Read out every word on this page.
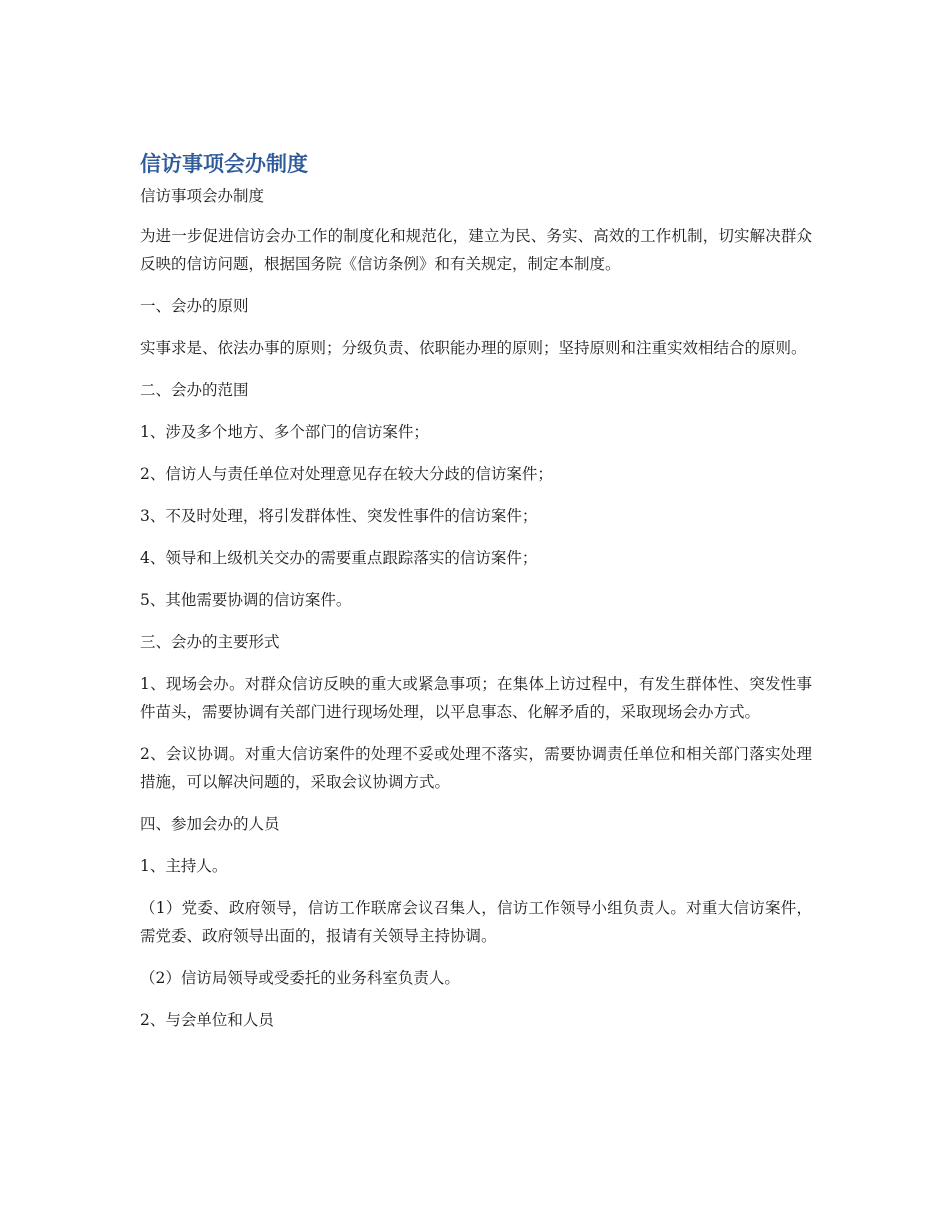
信访事项会办制度
信访事项会办制度

为进一步促进信访会办工作的制度化和规范化，建立为民、务实、高效的工作机制，切实解决群众反映的信访问题，根据国务院《信访条例》和有关规定，制定本制度。

一、会办的原则

实事求是、依法办事的原则；分级负责、依职能办理的原则；坚持原则和注重实效相结合的原则。

二、会办的范围

1、涉及多个地方、多个部门的信访案件；

2、信访人与责任单位对处理意见存在较大分歧的信访案件；

3、不及时处理，将引发群体性、突发性事件的信访案件；

4、领导和上级机关交办的需要重点跟踪落实的信访案件；

5、其他需要协调的信访案件。

三、会办的主要形式

1、现场会办。对群众信访反映的重大或紧急事项；在集体上访过程中，有发生群体性、突发性事件苗头，需要协调有关部门进行现场处理，以平息事态、化解矛盾的，采取现场会办方式。

2、会议协调。对重大信访案件的处理不妥或处理不落实，需要协调责任单位和相关部门落实处理措施，可以解决问题的，采取会议协调方式。

四、参加会办的人员

1、主持人。

（1）党委、政府领导，信访工作联席会议召集人，信访工作领导小组负责人。对重大信访案件，需党委、政府领导出面的，报请有关领导主持协调。

（2）信访局领导或受委托的业务科室负责人。

2、与会单位和人员
